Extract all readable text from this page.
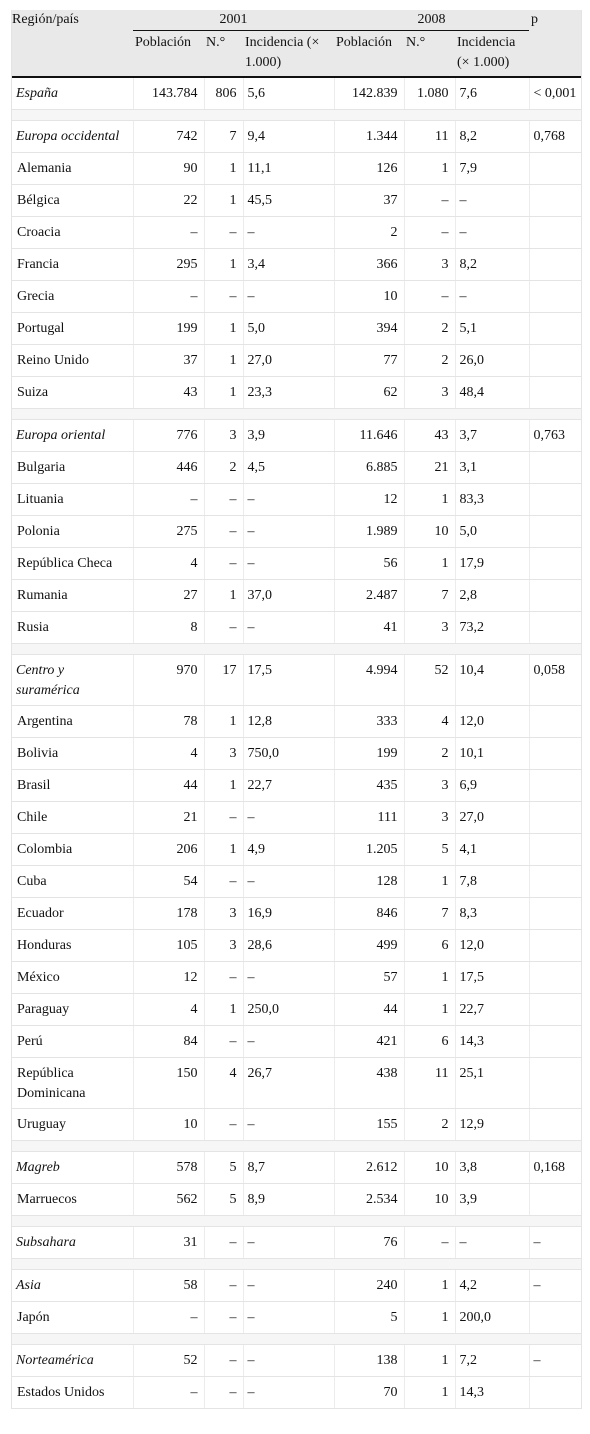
Región/país	2001			2008			p
	Población	N.°	Incidencia (× 1.000)	Población	N.°	Incidencia (× 1.000)	
España	143.784	806	5,6	142.839	1.080	7,6	< 0,001

Europa occidental	742	7	9,4	1.344	11	8,2	0,768
Alemania	90	1	11,1	126	1	7,9	
Bélgica	22	1	45,5	37	–	–	
Croacia	–	–	–	2	–	–	
Francia	295	1	3,4	366	3	8,2	
Grecia	–	–	–	10	–	–	
Portugal	199	1	5,0	394	2	5,1	
Reino Unido	37	1	27,0	77	2	26,0	
Suiza	43	1	23,3	62	3	48,4	

Europa oriental	776	3	3,9	11.646	43	3,7	0,763
Bulgaria	446	2	4,5	6.885	21	3,1	
Lituania	–	–	–	12	1	83,3	
Polonia	275	–	–	1.989	10	5,0	
República Checa	4	–	–	56	1	17,9	
Rumania	27	1	37,0	2.487	7	2,8	
Rusia	8	–	–	41	3	73,2	

Centro y suramérica	970	17	17,5	4.994	52	10,4	0,058
Argentina	78	1	12,8	333	4	12,0	
Bolivia	4	3	750,0	199	2	10,1	
Brasil	44	1	22,7	435	3	6,9	
Chile	21	–	–	111	3	27,0	
Colombia	206	1	4,9	1.205	5	4,1	
Cuba	54	–	–	128	1	7,8	
Ecuador	178	3	16,9	846	7	8,3	
Honduras	105	3	28,6	499	6	12,0	
México	12	–	–	57	1	17,5	
Paraguay	4	1	250,0	44	1	22,7	
Perú	84	–	–	421	6	14,3	
República Dominicana	150	4	26,7	438	11	25,1	
Uruguay	10	–	–	155	2	12,9	

Magreb	578	5	8,7	2.612	10	3,8	0,168
Marruecos	562	5	8,9	2.534	10	3,9	

Subsahara	31	–	–	76	–	–	–

Asia	58	–	–	240	1	4,2	–
Japón	–	–	–	5	1	200,0	

Norteamérica	52	–	–	138	1	7,2	–
Estados Unidos	–	–	–	70	1	14,3	
